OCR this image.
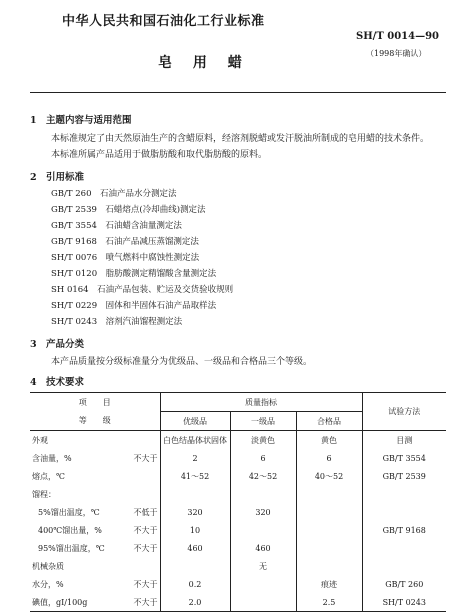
中华人民共和国石油化工行业标准
SH/T 0014—90
（1998年确认）
皂 用 蜡
1 主题内容与适用范围
本标准规定了由天然原油生产的含蜡原料，经溶剂脱蜡或发汗脱油所制成的皂用蜡的技术条件。
本标准所属产品适用于做脂肪酸和取代脂肪酸的原料。
2 引用标准
GB/T 260　石油产品水分测定法
GB/T 2539　石蜡熔点(冷却曲线)测定法
GB/T 3554　石油蜡含油量测定法
GB/T 9168　石油产品减压蒸馏测定法
SH/T 0076　喷气燃料中腐蚀性测定法
SH/T 0120　脂肪酸测定精馏酸含量测定法
SH 0164　石油产品包装、贮运及交货验收规则
SH/T 0229　固体和半固体石油产品取样法
SH/T 0243　溶剂汽油馏程测定法
3 产品分类
本产品质量按分级标准量分为优级品、一级品和合格品三个等级。
4 技术要求
项　　目		质量指标			试验方法
等　　级		优级品	一级品	合格品	
外观		白色结晶体状固体	淡黄色	黄色	目测
含油量，%	不大于	2	6	6	GB/T 3554
熔点，℃		41～52	42～52	40～52	GB/T 2539
馏程：					
5%馏出温度，℃	不低于	320	320		
400℃馏出量，%	不大于	10			GB/T 9168
95%馏出温度，℃	不大于	460	460		
机械杂质			无		
水分，%	不大于	0.2		痕迹	GB/T 260
碘值，gI/100g	不大于	2.0		2.5	SH/T 0243
